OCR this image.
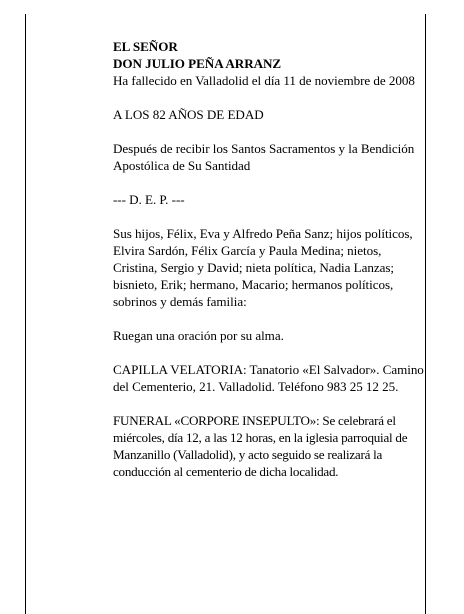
EL SEÑOR

DON JULIO PEÑA ARRANZ

Ha fallecido en Valladolid el día 11 de noviembre de 2008

A LOS 82 AÑOS DE EDAD

Después de recibir los Santos Sacramentos y la Bendición Apostólica de Su Santidad

--- D. E. P. ---

Sus hijos, Félix, Eva y Alfredo Peña Sanz; hijos políticos, Elvira Sardón, Félix García y Paula Medina; nietos, Cristina, Sergio y David; nieta política, Nadia Lanzas; bisnieto, Erik; hermano, Macario; hermanos políticos, sobrinos y demás familia:

Ruegan una oración por su alma.

CAPILLA VELATORIA: Tanatorio «El Salvador». Camino del Cementerio, 21. Valladolid. Teléfono 983 25 12 25.

FUNERAL «CORPORE INSEPULTO»: Se celebrará el miércoles, día 12, a las 12 horas, en la iglesia parroquial de Manzanillo (Valladolid), y acto seguido se realizará la conducción al cementerio de dicha localidad.
